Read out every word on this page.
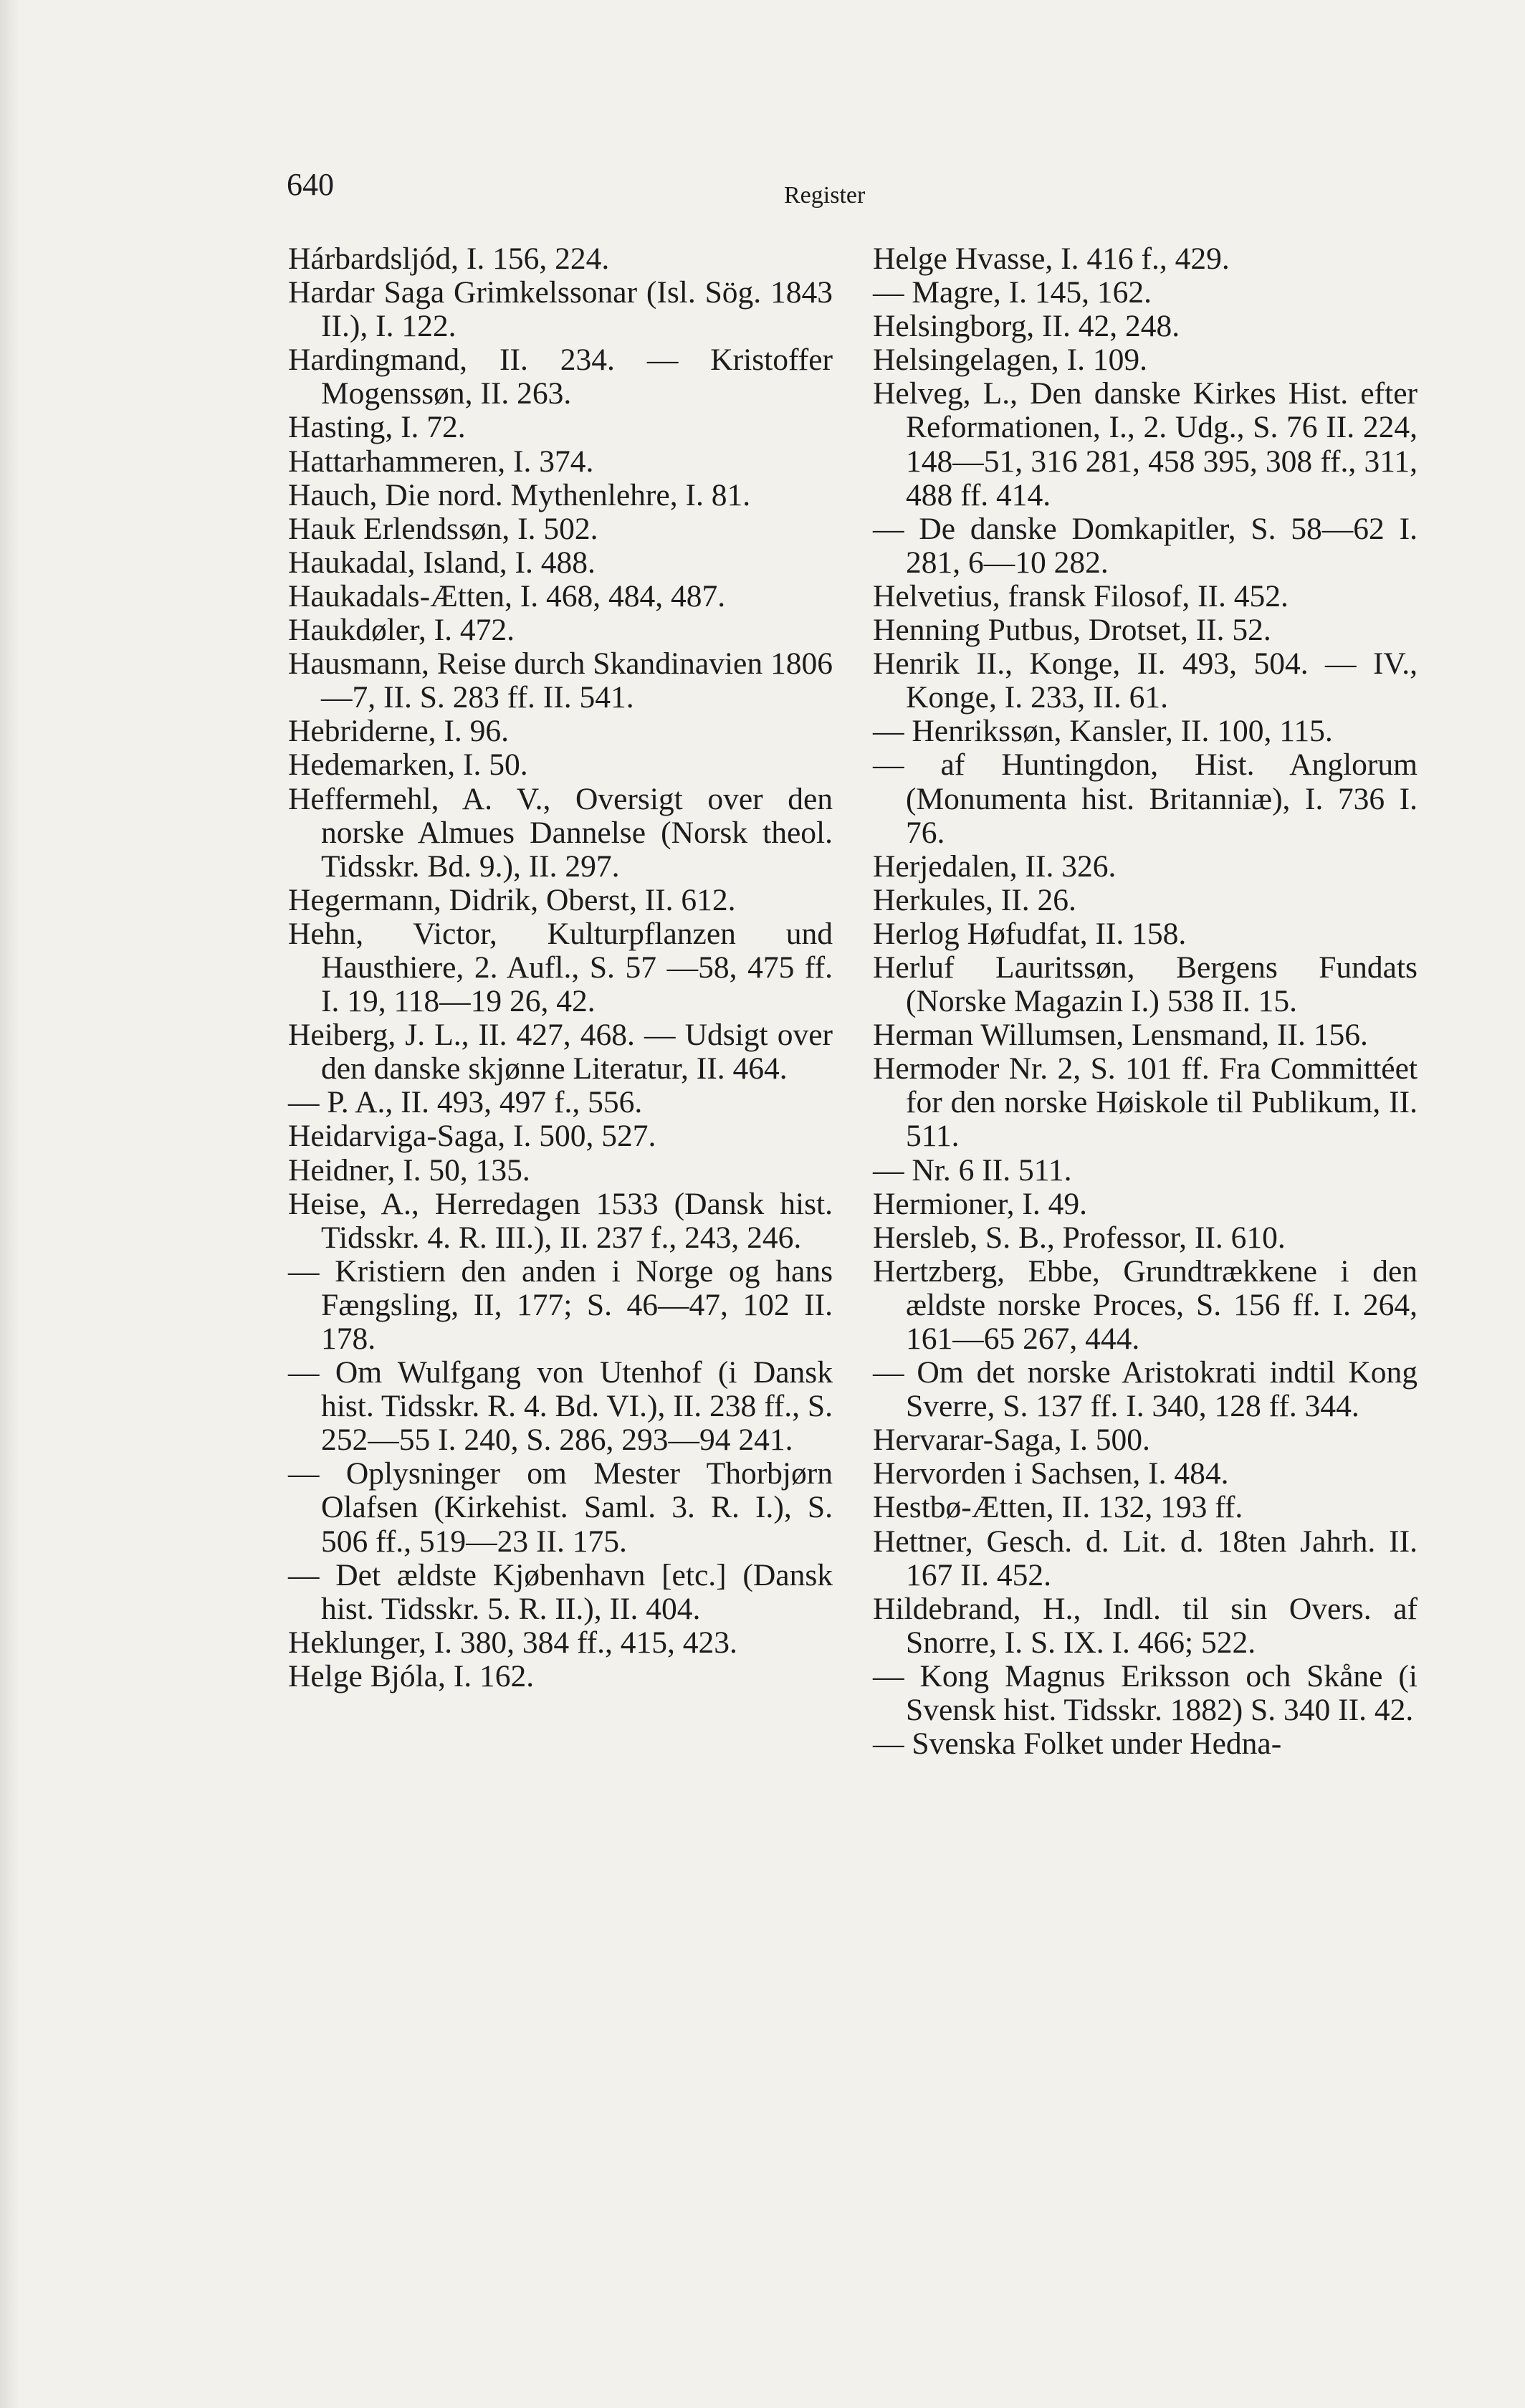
640	Register

Hárbardsljód, I. 156, 224.

Hardar Saga Grimkelssonar (Isl. Sög. 1843 II.), I. 122.

Hardingmand, II. 234. — Kristoffer Mogenssøn, II. 263.

Hasting, I. 72.

Hattarhammeren, I. 374.

Hauch, Die nord. Mythenlehre, I. 81.

Hauk Erlendssøn, I. 502.

Haukadal, Island, I. 488.

Haukadals-Ætten, I. 468, 484, 487.

Haukdøler, I. 472.

Hausmann, Reise durch Skandinavien 1806—7, II. S. 283 ff. II. 541.

Hebriderne, I. 96.

Hedemarken, I. 50.

Heffermehl, A. V., Oversigt over den norske Almues Dannelse (Norsk theol. Tidsskr. Bd. 9.), II. 297.

Hegermann, Didrik, Oberst, II. 612.

Hehn, Victor, Kulturpflanzen und Hausthiere, 2. Aufl., S. 57 —58, 475 ff. I. 19, 118—19 26, 42.

Heiberg, J. L., II. 427, 468. — Udsigt over den danske skjønne Literatur, II. 464.

— P. A., II. 493, 497 f., 556.

Heidarviga-Saga, I. 500, 527.

Heidner, I. 50, 135.

Heise, A., Herredagen 1533 (Dansk hist. Tidsskr. 4. R. III.), II. 237 f., 243, 246.

— Kristiern den anden i Norge og hans Fængsling, II, 177; S. 46—47, 102 II. 178.

— Om Wulfgang von Utenhof (i Dansk hist. Tidsskr. R. 4. Bd. VI.), II. 238 ff., S. 252—55 I. 240, S. 286, 293—94 241.

— Oplysninger om Mester Thorbjørn Olafsen (Kirkehist. Saml. 3. R. I.), S. 506 ff., 519—23 II. 175.

— Det ældste Kjøbenhavn [etc.] (Dansk hist. Tidsskr. 5. R. II.), II. 404.

Heklunger, I. 380, 384 ff., 415, 423.

Helge Bjóla, I. 162.

Helge Hvasse, I. 416 f., 429.

— Magre, I. 145, 162.

Helsingborg, II. 42, 248.

Helsingelagen, I. 109.

Helveg, L., Den danske Kirkes Hist. efter Reformationen, I., 2. Udg., S. 76 II. 224, 148—51, 316 281, 458 395, 308 ff., 311, 488 ff. 414.

— De danske Domkapitler, S. 58—62 I. 281, 6—10 282.

Helvetius, fransk Filosof, II. 452.

Henning Putbus, Drotset, II. 52.

Henrik II., Konge, II. 493, 504. — IV., Konge, I. 233, II. 61.

— Henrikssøn, Kansler, II. 100, 115.

— af Huntingdon, Hist. Anglorum (Monumenta hist. Britanniæ), I. 736 I. 76.

Herjedalen, II. 326.

Herkules, II. 26.

Herlog Høfudfat, II. 158.

Herluf Lauritssøn, Bergens Fundats (Norske Magazin I.) 538 II. 15.

Herman Willumsen, Lensmand, II. 156.

Hermoder Nr. 2, S. 101 ff. Fra Committéet for den norske Høiskole til Publikum, II. 511.

— Nr. 6 II. 511.

Hermioner, I. 49.

Hersleb, S. B., Professor, II. 610.

Hertzberg, Ebbe, Grundtrækkene i den ældste norske Proces, S. 156 ff. I. 264, 161—65 267, 444.

— Om det norske Aristokrati indtil Kong Sverre, S. 137 ff. I. 340, 128 ff. 344.

Hervarar-Saga, I. 500.

Hervorden i Sachsen, I. 484.

Hestbø-Ætten, II. 132, 193 ff.

Hettner, Gesch. d. Lit. d. 18ten Jahrh. II. 167 II. 452.

Hildebrand, H., Indl. til sin Overs. af Snorre, I. S. IX. I. 466; 522.

— Kong Magnus Eriksson och Skåne (i Svensk hist. Tidsskr. 1882) S. 340 II. 42.

— Svenska Folket under Hedna-
